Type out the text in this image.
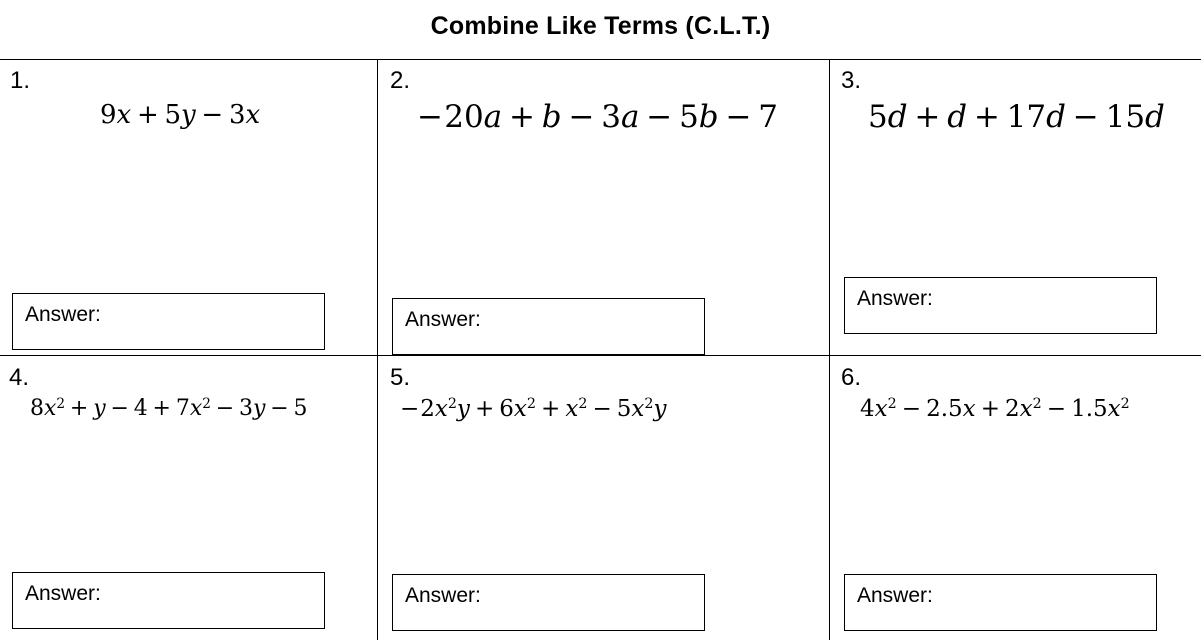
Combine Like Terms (C.L.T.)
1.
9x + 5y − 3x
Answer:
2.
−20a + b − 3a − 5b − 7
Answer:
3.
5d + d + 17d − 15d
Answer:
4.
$8x^2 + y - 4 + 7x^2 - 3y - 5$
Answer:
5.
$-2x^2y + 6x^2 + x^2 - 5x^2y$
Answer:
6.
$4x^2 - 2.5x + 2x^2 - 1.5x^2$
Answer:
